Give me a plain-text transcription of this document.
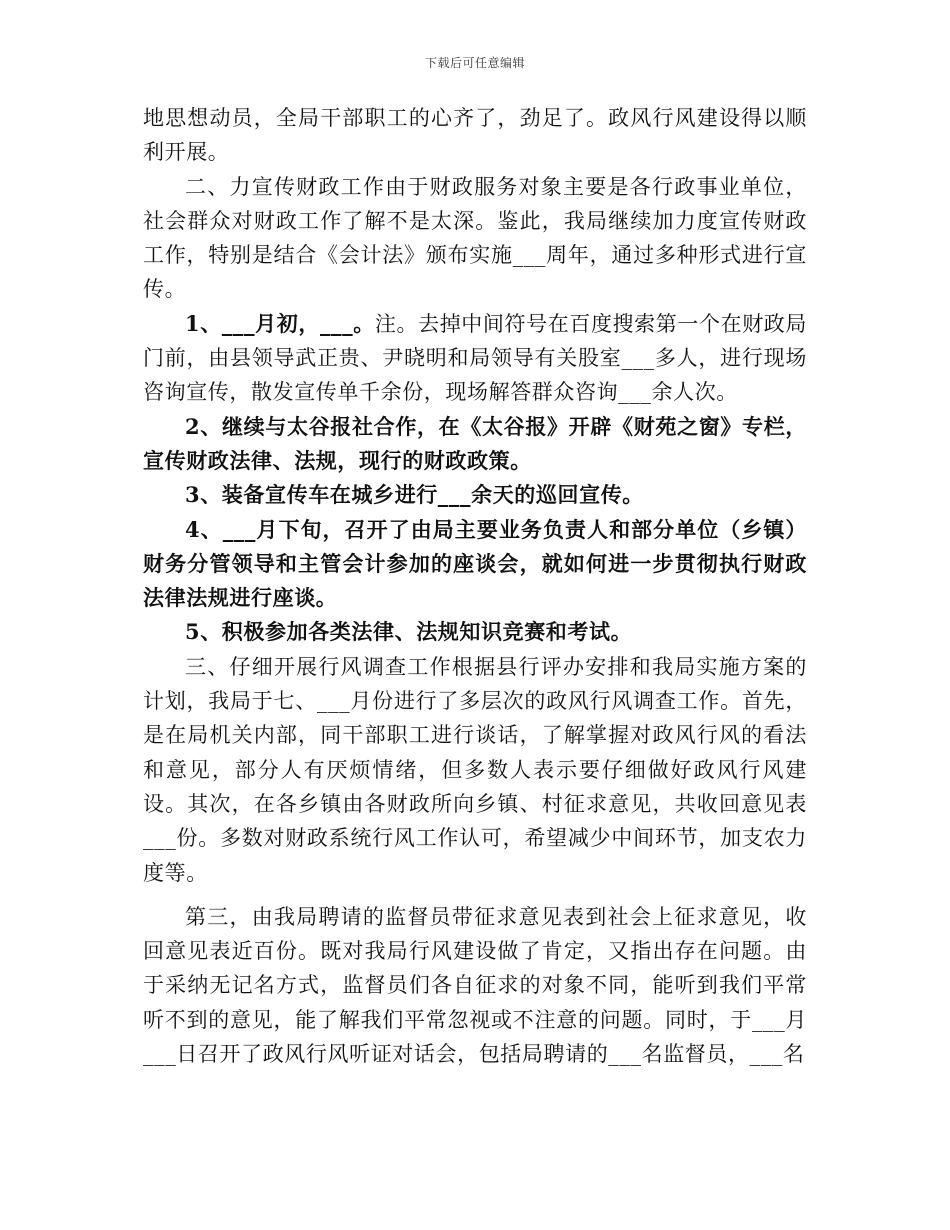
下载后可任意编辑

地思想动员，全局干部职工的心齐了，劲足了。政风行风建设得以顺利开展。

二、力宣传财政工作由于财政服务对象主要是各行政事业单位，社会群众对财政工作了解不是太深。鉴此，我局继续加力度宣传财政工作，特别是结合《会计法》颁布实施___周年，通过多种形式进行宣传。

1、___月初，___。注。去掉中间符号在百度搜索第一个在财政局门前，由县领导武正贵、尹晓明和局领导有关股室___多人，进行现场咨询宣传，散发宣传单千余份，现场解答群众咨询___余人次。

2、继续与太谷报社合作，在《太谷报》开辟《财苑之窗》专栏，宣传财政法律、法规，现行的财政政策。

3、装备宣传车在城乡进行___余天的巡回宣传。

4、___月下旬，召开了由局主要业务负责人和部分单位（乡镇）财务分管领导和主管会计参加的座谈会，就如何进一步贯彻执行财政法律法规进行座谈。

5、积极参加各类法律、法规知识竞赛和考试。

三、仔细开展行风调查工作根据县行评办安排和我局实施方案的计划，我局于七、___月份进行了多层次的政风行风调查工作。首先，是在局机关内部，同干部职工进行谈话，了解掌握对政风行风的看法和意见，部分人有厌烦情绪，但多数人表示要仔细做好政风行风建设。其次，在各乡镇由各财政所向乡镇、村征求意见，共收回意见表___份。多数对财政系统行风工作认可，希望减少中间环节，加支农力度等。

第三，由我局聘请的监督员带征求意见表到社会上征求意见，收回意见表近百份。既对我局行风建设做了肯定，又指出存在问题。由于采纳无记名方式，监督员们各自征求的对象不同，能听到我们平常听不到的意见，能了解我们平常忽视或不注意的问题。同时，于___月___日召开了政风行风听证对话会，包括局聘请的___名监督员，___名
